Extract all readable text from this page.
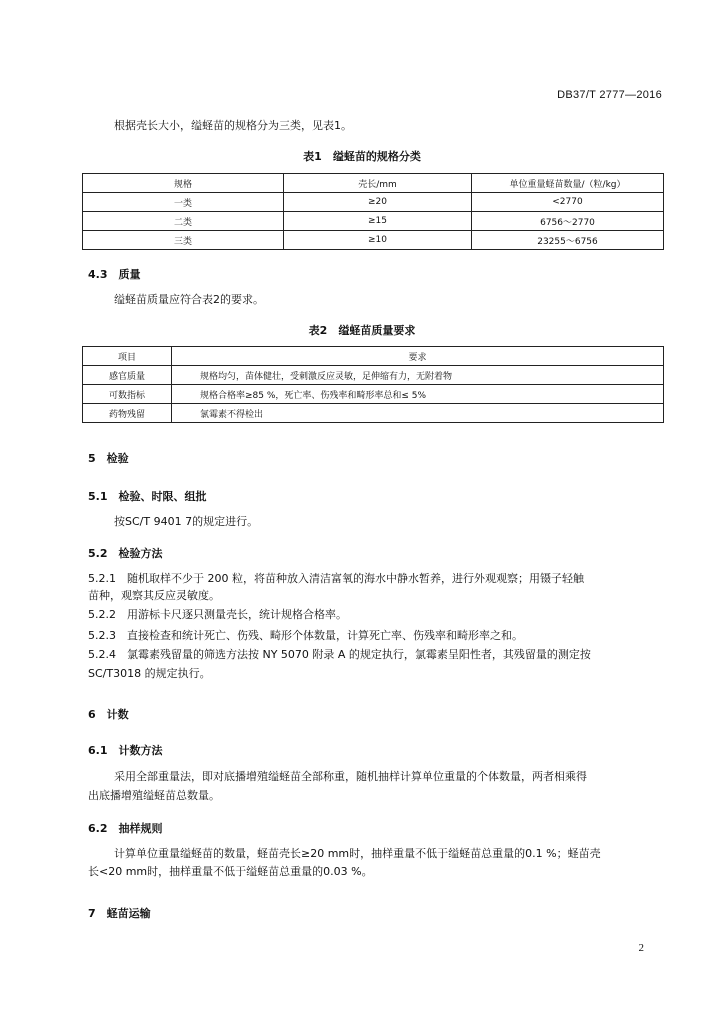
DB37/T 2777—2016
根据壳长大小，缢蛏苗的规格分为三类，见表1。
表1　缢蛏苗的规格分类
规格	壳长/mm	单位重量蛏苗数量/（粒/kg）
一类	≥20	<2770
二类	≥15	6756～2770
三类	≥10	23255～6756
4.3　质量
缢蛏苗质量应符合表2的要求。
表2　缢蛏苗质量要求
项目	要求
感官质量	规格均匀，苗体健壮，受刺激反应灵敏，足伸缩有力，无附着物
可数指标	规格合格率≥85 %，死亡率、伤残率和畸形率总和≤ 5%
药物残留	氯霉素不得检出
5　检验
5.1　检验、时限、组批
按SC/T 9401 7的规定进行。
5.2　检验方法
5.2.1　随机取样不少于 200 粒，将苗种放入清洁富氧的海水中静水暂养，进行外观观察；用镊子轻触
苗种，观察其反应灵敏度。
5.2.2　用游标卡尺逐只测量壳长，统计规格合格率。
5.2.3　直接检查和统计死亡、伤残、畸形个体数量，计算死亡率、伤残率和畸形率之和。
5.2.4　氯霉素残留量的筛选方法按 NY 5070 附录 A 的规定执行，氯霉素呈阳性者，其残留量的测定按
SC/T3018 的规定执行。
6　计数
6.1　计数方法
采用全部重量法，即对底播增殖缢蛏苗全部称重，随机抽样计算单位重量的个体数量，两者相乘得
出底播增殖缢蛏苗总数量。
6.2　抽样规则
计算单位重量缢蛏苗的数量，蛏苗壳长≥20 mm时，抽样重量不低于缢蛏苗总重量的0.1 %；蛏苗壳
长<20 mm时，抽样重量不低于缢蛏苗总重量的0.03 %。
7　蛏苗运输
2
